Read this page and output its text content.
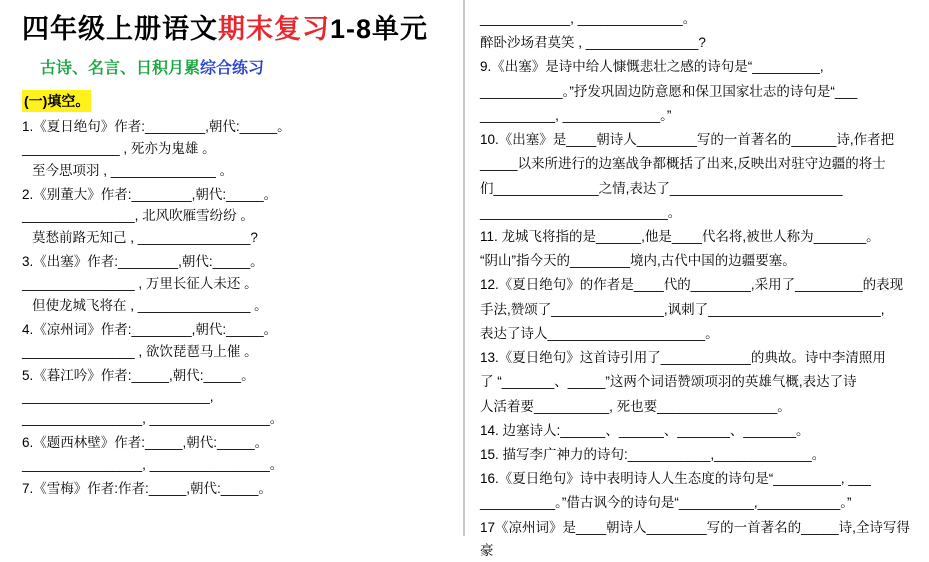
四年级上册语文期末复习1-8单元
古诗、名言、日积月累综合练习
(一)填空。

1.《夏日绝句》作者:________,朝代:_____。

_____________ , 死亦为鬼雄 。

至今思项羽 , ______________ 。

2.《别董大》作者:________,朝代:_____。

_______________, 北风吹雁雪纷纷 。

莫愁前路无知己 , _______________?

3.《出塞》作者:________,朝代:_____。

_______________ , 万里长征人未还 。

但使龙城飞将在 , _______________ 。

4.《凉州词》作者:________,朝代:_____。

_______________ , 欲饮琵琶马上催 。

5.《暮江吟》作者:_____,朝代:_____。

_________________________,

________________, ________________。

6.《题西林壁》作者:_____,朝代:_____。

________________, ________________。

7.《雪梅》作者:作者:_____,朝代:_____。

____________, ______________。

醉卧沙场君莫笑 , _______________?

9.《出塞》是诗中给人慷慨悲壮之感的诗句是“_________,

___________。”抒发巩固边防意愿和保卫国家壮志的诗句是“___

__________, _____________。”

10.《出塞》是____朝诗人________写的一首著名的______诗,作者把

_____以来所进行的边塞战争都概括了出来,反映出对驻守边疆的将士

们______________之情,表达了_______________________

_________________________。

11. 龙城飞将指的是______,他是____代名将,被世人称为_______。

“阴山”指今天的________境内,古代中国的边疆要塞。

12.《夏日绝句》的作者是____代的________,采用了_________的表现

手法,赞颂了_______________,讽刺了_______________________,

表达了诗人_____________________。

13.《夏日绝句》这首诗引用了____________的典故。诗中李清照用

了 “_______、_____”这两个词语赞颂项羽的英雄气概,表达了诗

人活着要__________, 死也要________________。

14. 边塞诗人:______、______、_______、_______。

15. 描写李广神力的诗句:___________,_____________。

16.《夏日绝句》诗中表明诗人人生态度的诗句是“_________, ___

__________。”借古讽今的诗句是“__________,___________。”

17《凉州词》是____朝诗人________写的一首著名的_____诗,全诗写得豪
